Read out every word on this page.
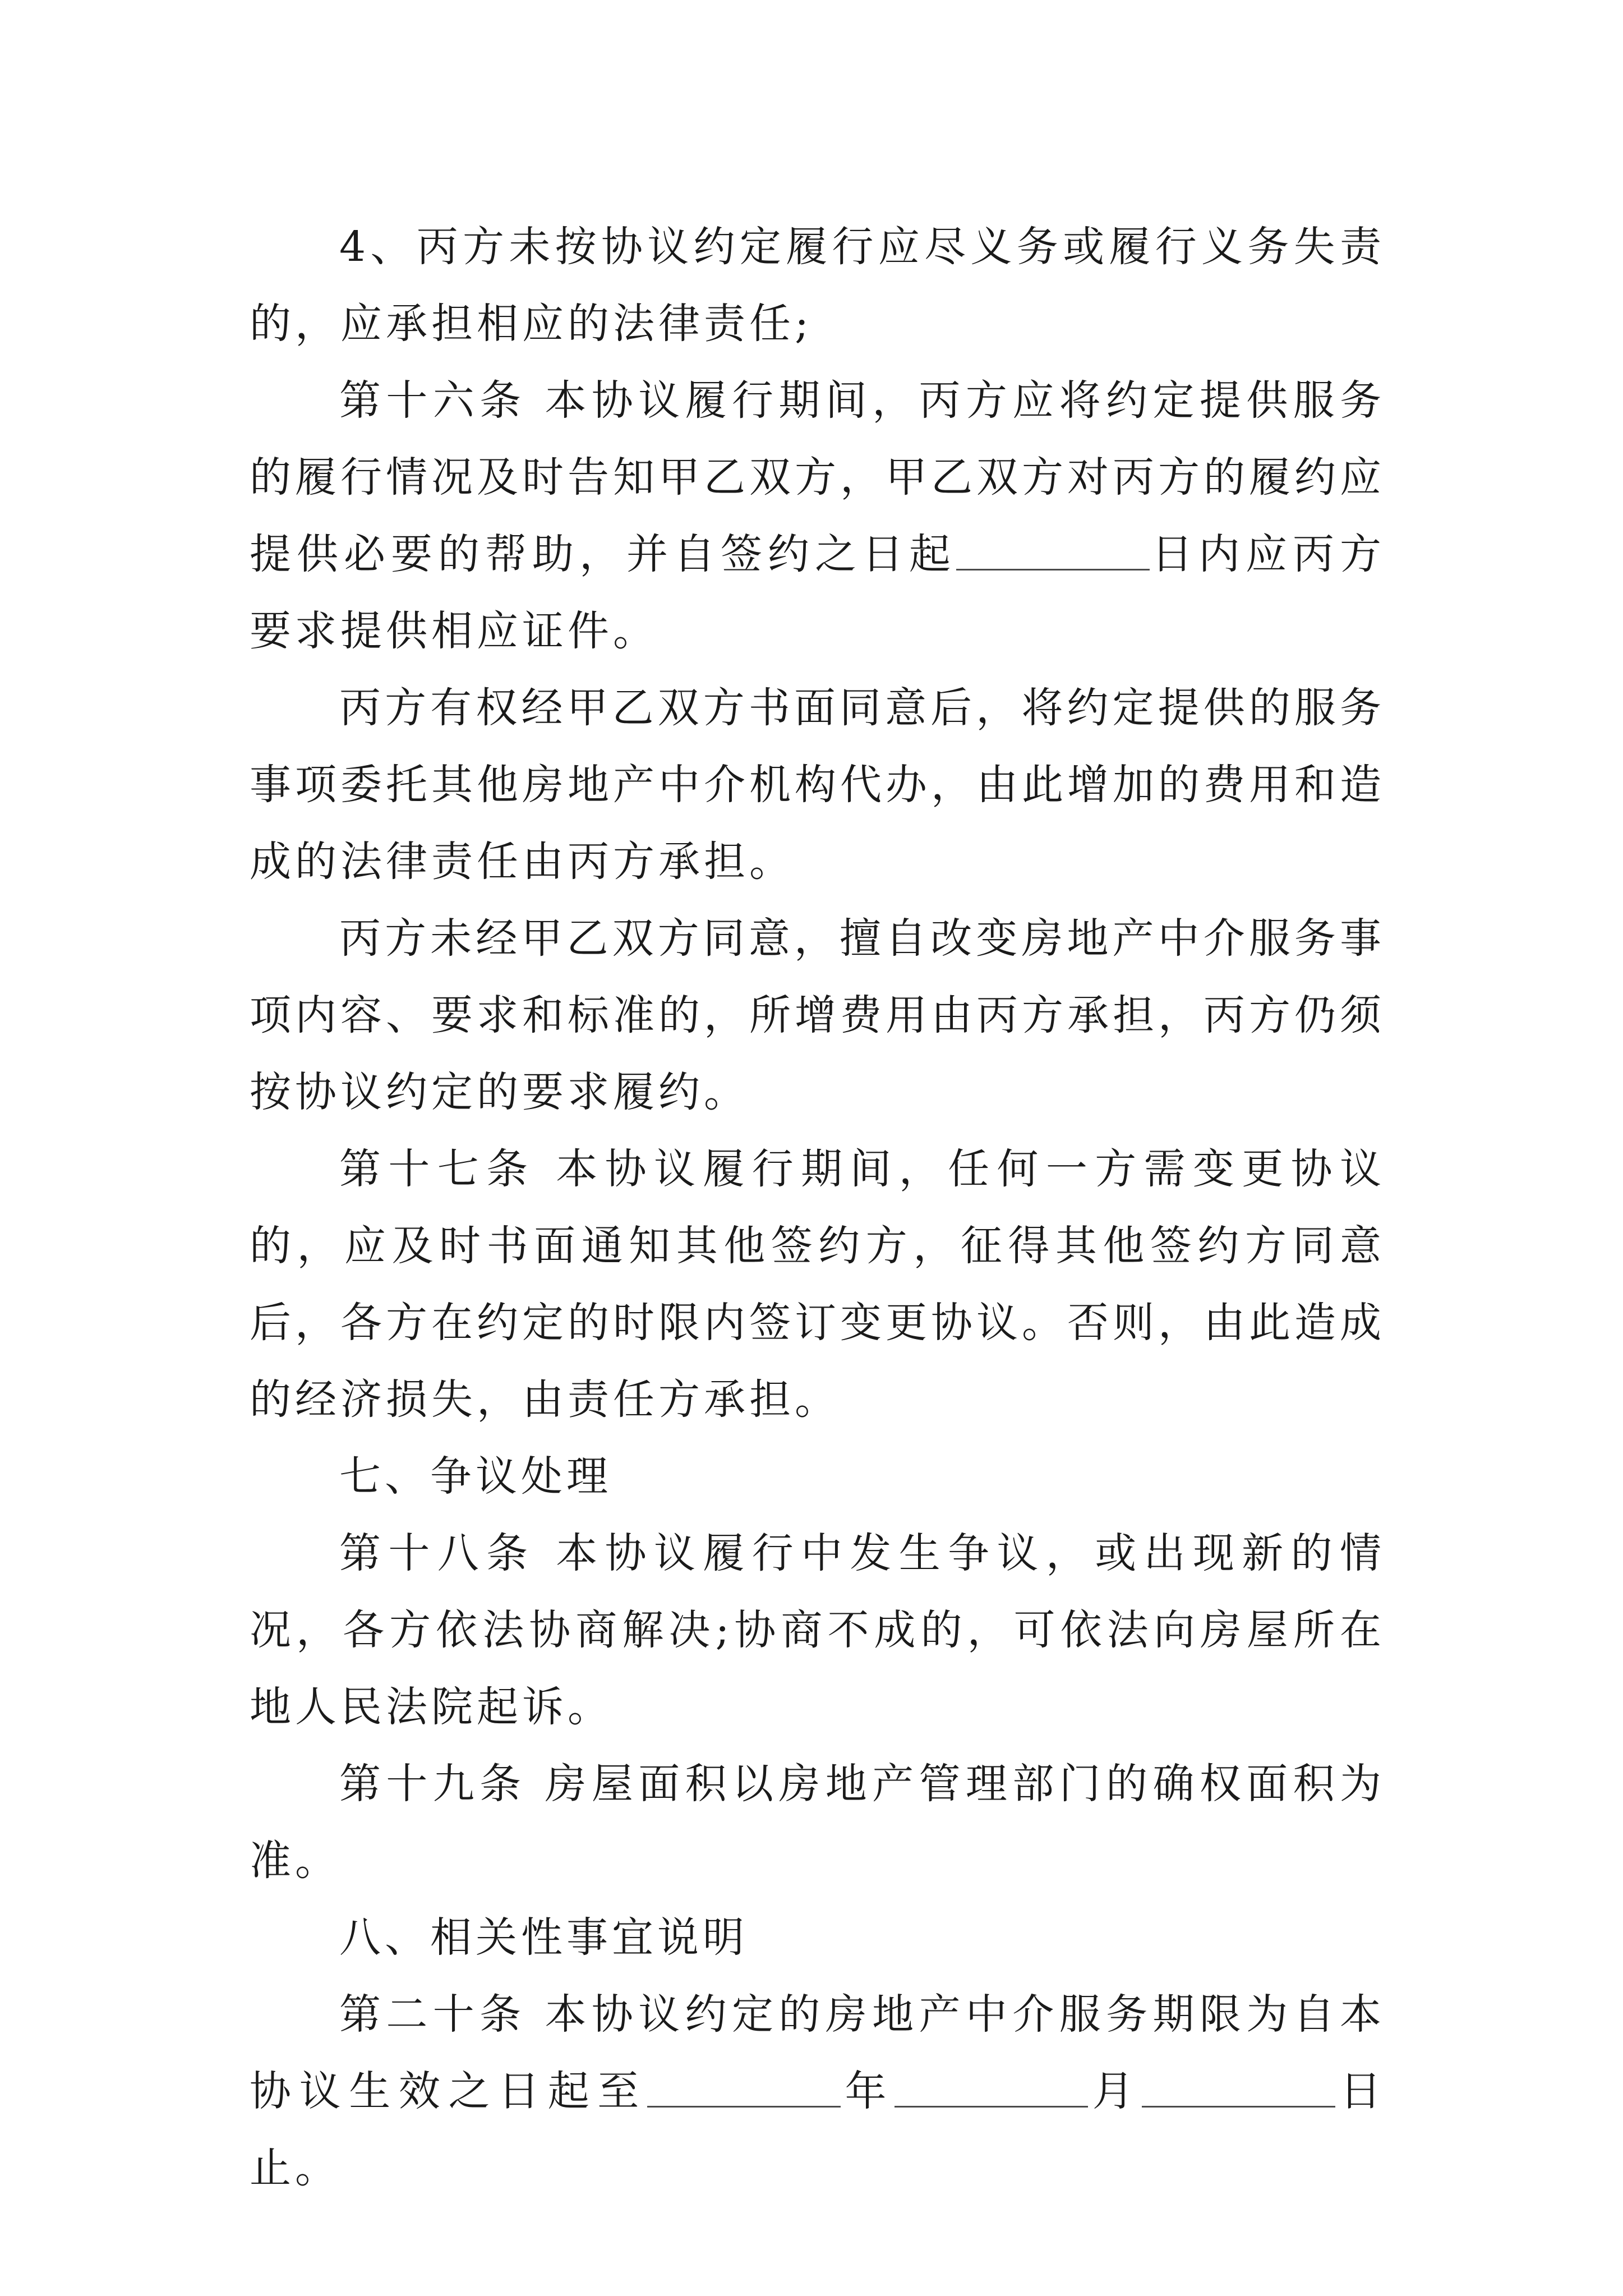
4、丙方未按协议约定履行应尽义务或履行义务失责的，应承担相应的法律责任;

第十六条 本协议履行期间，丙方应将约定提供服务的履行情况及时告知甲乙双方，甲乙双方对丙方的履约应提供必要的帮助，并自签约之日起	日内应丙方要求提供相应证件。

丙方有权经甲乙双方书面同意后，将约定提供的服务事项委托其他房地产中介机构代办，由此增加的费用和造成的法律责任由丙方承担。

丙方未经甲乙双方同意，擅自改变房地产中介服务事项内容、要求和标准的，所增费用由丙方承担，丙方仍须按协议约定的要求履约。

第十七条 本协议履行期间，任何一方需变更协议的，应及时书面通知其他签约方，征得其他签约方同意后，各方在约定的时限内签订变更协议。否则，由此造成的经济损失，由责任方承担。

七、争议处理

第十八条 本协议履行中发生争议，或出现新的情况，各方依法协商解决;协商不成的，可依法向房屋所在地人民法院起诉。

第十九条 房屋面积以房地产管理部门的确权面积为准。

八、相关性事宜说明

第二十条 本协议约定的房地产中介服务期限为自本协议生效之日起至	年	月	日止。
